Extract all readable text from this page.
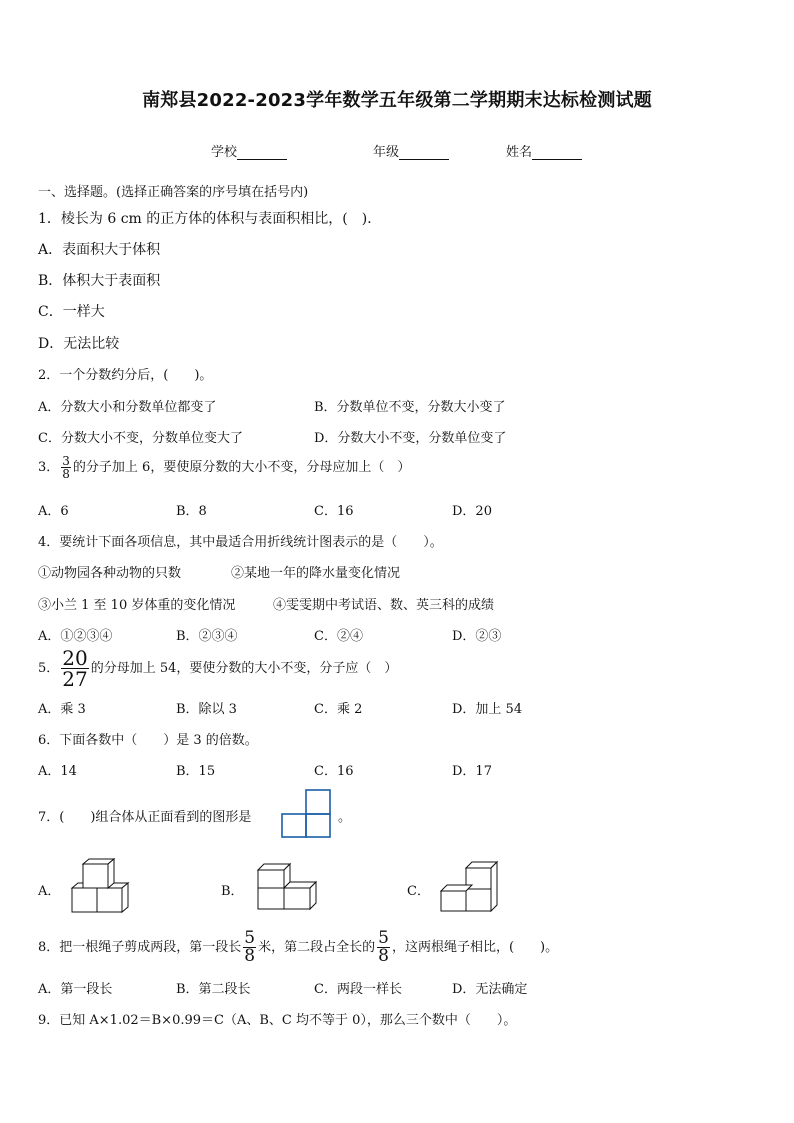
南郑县2022-2023学年数学五年级第二学期期末达标检测试题
学校	年级	姓名
一、选择题。(选择正确答案的序号填在括号内)
1．棱长为 6 cm 的正方体的体积与表面积相比，(　)．
A．表面积大于体积
B．体积大于表面积
C．一样大
D．无法比较
2．一个分数约分后，(　　)。
A．分数大小和分数单位都变了	B．分数单位不变，分数大小变了
C．分数大小不变，分数单位变大了	D．分数大小不变，分数单位变了
3． $\frac{3}{8}$ 的分子加上 6，要使原分数的大小不变，分母应加上（　）
A．6	B．8	C．16	D．20
4．要统计下面各项信息，其中最适合用折线统计图表示的是（　　）。
①动物园各种动物的只数	②某地一年的降水量变化情况
③小兰 1 至 10 岁体重的变化情况	④雯雯期中考试语、数、英三科的成绩
A．①②③④	B．②③④	C．②④	D．②③
5． $\frac{20}{27}$ 的分母加上 54，要使分数的大小不变，分子应（　）
A．乘 3	B．除以 3	C．乘 2	D．加上 54
6．下面各数中（　　）是 3 的倍数。
A．14	B．15	C．16	D．17
7．(　　)组合体从正面看到的图形是	。
A．	B．	C．
8．把一根绳子剪成两段，第一段长 $\frac{5}{8}$ 米，第二段占全长的 $\frac{5}{8}$ ，这两根绳子相比，(　　)。
A．第一段长	B．第二段长	C．两段一样长	D．无法确定
9．已知 A×1.02＝B×0.99＝C（A、B、C 均不等于 0），那么三个数中（　　）。
